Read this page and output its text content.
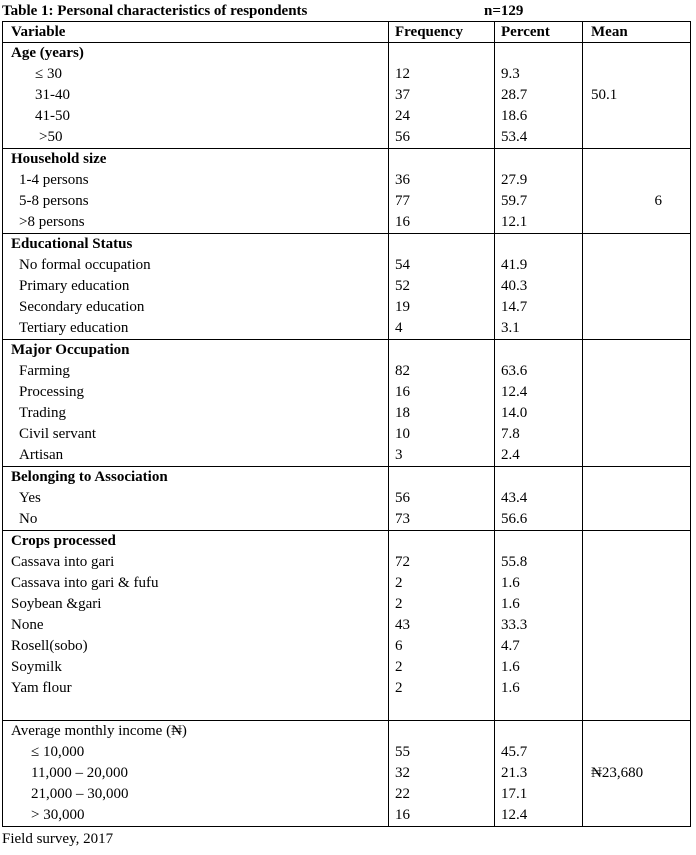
Table 1: Personal characteristics of respondents	n=129
Variable	Frequency	Percent	Mean
Age (years)			
≤ 30	12	9.3	
31-40	37	28.7	50.1
41-50	24	18.6	
>50	56	53.4	
Household size			
1-4 persons	36	27.9	
5-8 persons	77	59.7	6
>8 persons	16	12.1	
Educational Status			
No formal occupation	54	41.9	
Primary education	52	40.3	
Secondary education	19	14.7	
Tertiary education	4	3.1	
Major Occupation			
Farming	82	63.6	
Processing	16	12.4	
Trading	18	14.0	
Civil servant	10	7.8	
Artisan	3	2.4	
Belonging to Association			
Yes	56	43.4	
No	73	56.6	
Crops processed			
Cassava into gari	72	55.8	
Cassava into gari & fufu	2	1.6	
Soybean &gari	2	1.6	
None	43	33.3	
Rosell(sobo)	6	4.7	
Soymilk	2	1.6	
Yam flour	2	1.6	

Average monthly income (₦)			
≤ 10,000	55	45.7	
11,000 – 20,000	32	21.3	₦23,680
21,000 – 30,000	22	17.1	
> 30,000	16	12.4	
Field survey, 2017
